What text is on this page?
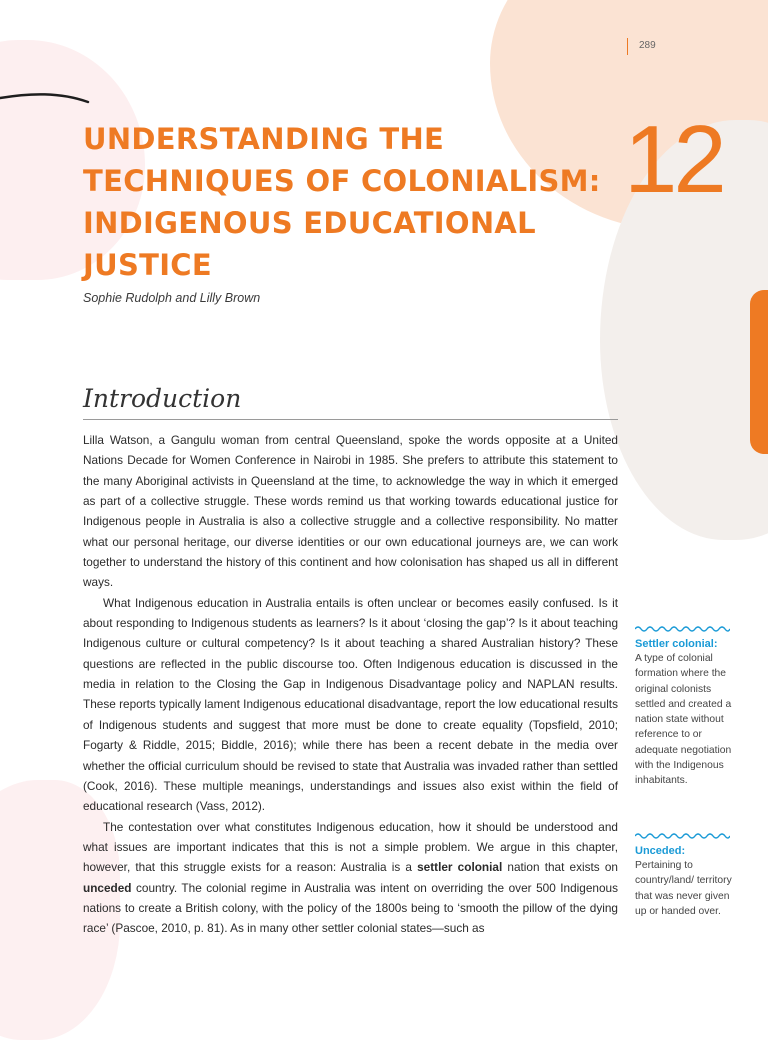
289
UNDERSTANDING THE
TECHNIQUES OF COLONIALISM:
INDIGENOUS EDUCATIONAL
JUSTICE
12
Sophie Rudolph and Lilly Brown
Introduction

Lilla Watson, a Gangulu woman from central Queensland, spoke the words opposite at a United Nations Decade for Women Conference in Nairobi in 1985. She prefers to attribute this statement to the many Aboriginal activists in Queensland at the time, to acknowledge the way in which it emerged as part of a collective struggle. These words remind us that working towards educational justice for Indigenous people in Australia is also a collective struggle and a collective responsibility. No matter what our personal heritage, our diverse identities or our own educational journeys are, we can work together to understand the history of this continent and how colonisation has shaped us all in different ways.

What Indigenous education in Australia entails is often unclear or becomes easily confused. Is it about responding to Indigenous students as learners? Is it about ‘closing the gap’? Is it about teaching Indigenous culture or cultural competency? Is it about teaching a shared Australian history? These questions are reflected in the public discourse too. Often Indigenous education is discussed in the media in relation to the Closing the Gap in Indigenous Disadvantage policy and NAPLAN results. These reports typically lament Indigenous educational disadvantage, report the low educational results of Indigenous students and suggest that more must be done to create equality (Topsfield, 2010; Fogarty & Riddle, 2015; Biddle, 2016); while there has been a recent debate in the media over whether the official curriculum should be revised to state that Australia was invaded rather than settled (Cook, 2016). These multiple meanings, understandings and issues also exist within the field of educational research (Vass, 2012).

The contestation over what constitutes Indigenous education, how it should be understood and what issues are important indicates that this is not a simple problem. We argue in this chapter, however, that this struggle exists for a reason: Australia is a settler colonial nation that exists on unceded country. The colonial regime in Australia was intent on overriding the over 500 Indigenous nations to create a British colony, with the policy of the 1800s being to ‘smooth the pillow of the dying race’ (Pascoe, 2010, p. 81). As in many other settler colonial states—such as

Settler colonial:
A type of colonial formation where the original colonists settled and created a nation state without reference to or adequate negotiation with the Indigenous inhabitants.
Unceded:
Pertaining to country/land/ territory that was never given up or handed over.
